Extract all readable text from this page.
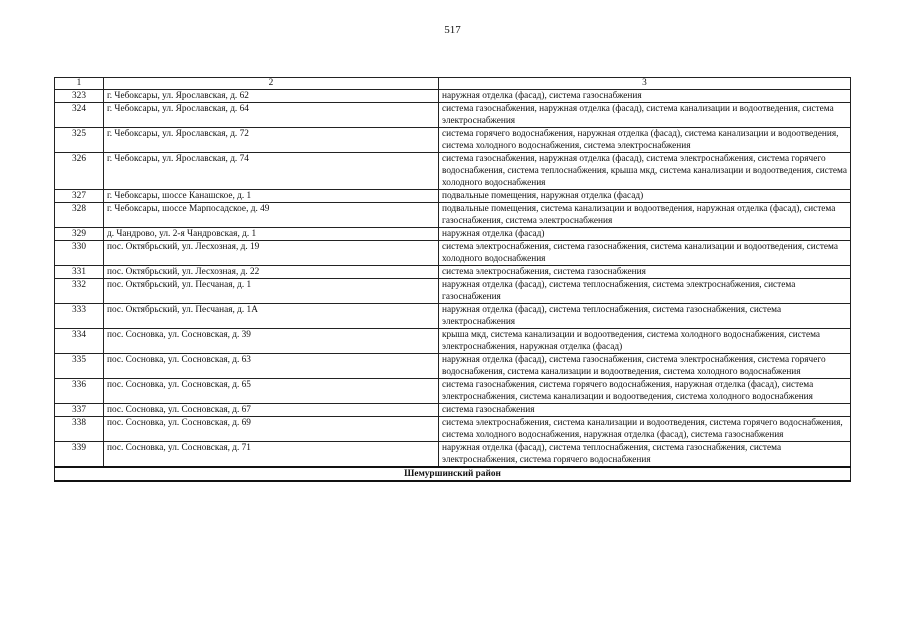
517
1	2	3
323	г. Чебоксары, ул. Ярославская, д. 62	наружная отделка (фасад), система газоснабжения
324	г. Чебоксары, ул. Ярославская, д. 64	система газоснабжения, наружная отделка (фасад), система канализации и водоотведения, система электроснабжения
325	г. Чебоксары, ул. Ярославская, д. 72	система горячего водоснабжения, наружная отделка (фасад), система канализации и водоотведения, система холодного водоснабжения, система электроснабжения
326	г. Чебоксары, ул. Ярославская, д. 74	система газоснабжения, наружная отделка (фасад), система электроснабжения, система горячего водоснабжения, система теплоснабжения, крыша мкд, система канализации и водоотведения, система холодного водоснабжения
327	г. Чебоксары, шоссе Канашское, д. 1	подвальные помещения, наружная отделка (фасад)
328	г. Чебоксары, шоссе Марпосадское, д. 49	подвальные помещения, система канализации и водоотведения, наружная отделка (фасад), система газоснабжения, система электроснабжения
329	д. Чандрово, ул. 2-я Чандровская, д. 1	наружная отделка (фасад)
330	пос. Октябрьский, ул. Лесхозная, д. 19	система электроснабжения, система газоснабжения, система канализации и водоотведения, система холодного водоснабжения
331	пос. Октябрьский, ул. Лесхозная, д. 22	система электроснабжения, система газоснабжения
332	пос. Октябрьский, ул. Песчаная, д. 1	наружная отделка (фасад), система теплоснабжения, система электроснабжения, система газоснабжения
333	пос. Октябрьский, ул. Песчаная, д. 1А	наружная отделка (фасад), система теплоснабжения, система газоснабжения, система электроснабжения
334	пос. Сосновка, ул. Сосновская, д. 39	крыша мкд, система канализации и водоотведения, система холодного водоснабжения, система электроснабжения, наружная отделка (фасад)
335	пос. Сосновка, ул. Сосновская, д. 63	наружная отделка (фасад), система газоснабжения, система электроснабжения, система горячего водоснабжения, система канализации и водоотведения, система холодного водоснабжения
336	пос. Сосновка, ул. Сосновская, д. 65	система газоснабжения, система горячего водоснабжения, наружная отделка (фасад), система электроснабжения, система канализации и водоотведения, система холодного водоснабжения
337	пос. Сосновка, ул. Сосновская, д. 67	система газоснабжения
338	пос. Сосновка, ул. Сосновская, д. 69	система электроснабжения, система канализации и водоотведения, система горячего водоснабжения, система холодного водоснабжения, наружная отделка (фасад), система газоснабжения
339	пос. Сосновка, ул. Сосновская, д. 71	наружная отделка (фасад), система теплоснабжения, система газоснабжения, система электроснабжения, система горячего водоснабжения
Шемуршинский район		
